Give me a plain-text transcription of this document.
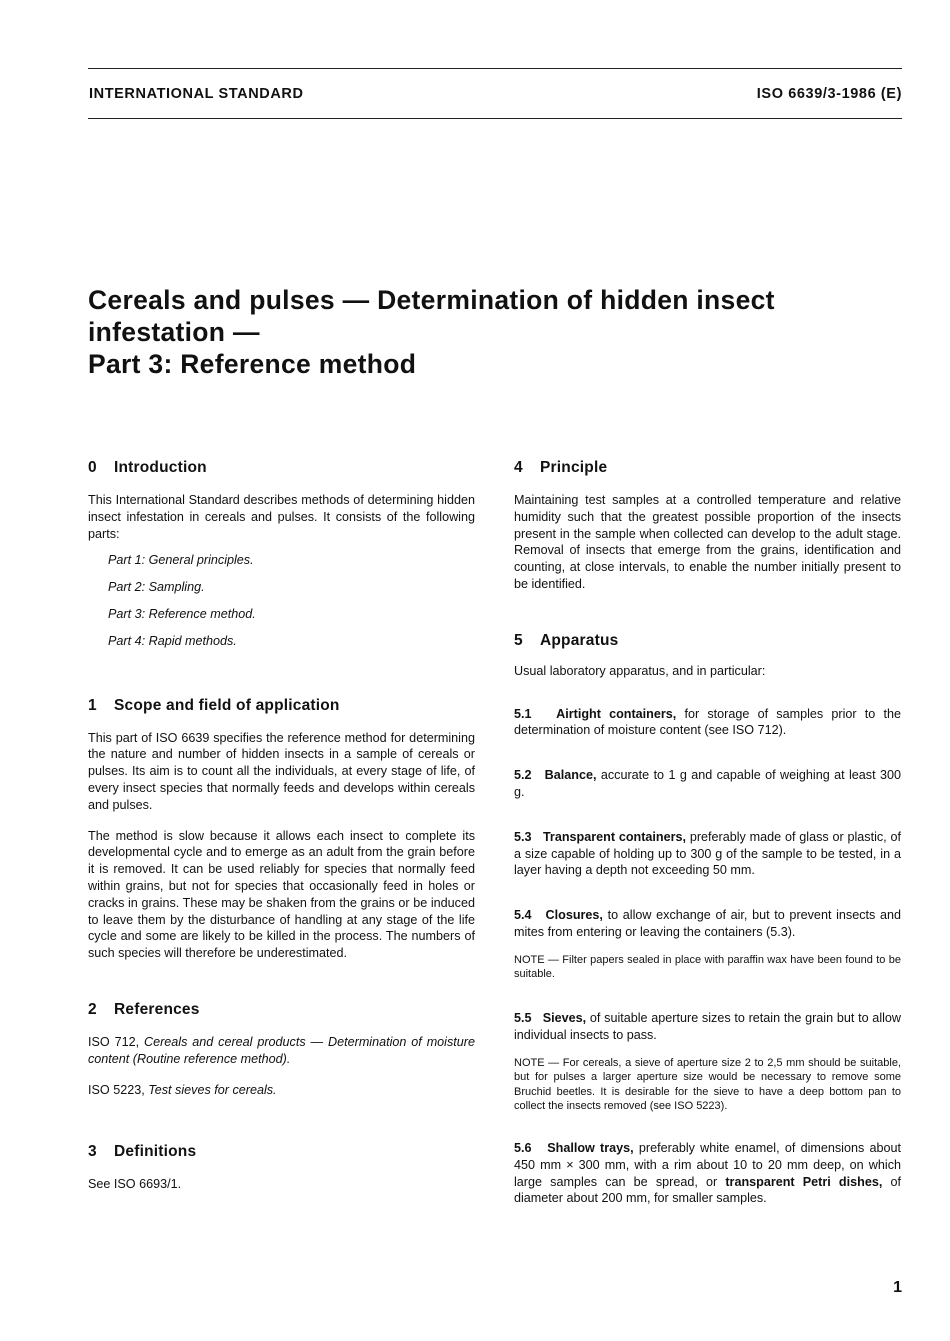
INTERNATIONAL STANDARD	ISO 6639/3-1986 (E)
Cereals and pulses — Determination of hidden insect
infestation —
Part 3: Reference method
0 Introduction

This International Standard describes methods of determining hidden insect infestation in cereals and pulses. It consists of the following parts:

Part 1: General principles.
Part 2: Sampling.
Part 3: Reference method.
Part 4: Rapid methods.
1 Scope and field of application

This part of ISO 6639 specifies the reference method for determining the nature and number of hidden insects in a sample of cereals or pulses. Its aim is to count all the individuals, at every stage of life, of every insect species that normally feeds and develops within cereals and pulses.

The method is slow because it allows each insect to complete its developmental cycle and to emerge as an adult from the grain before it is removed. It can be used reliably for species that normally feed within grains, but not for species that occasionally feed in holes or cracks in grains. These may be shaken from the grains or be induced to leave them by the disturbance of handling at any stage of the life cycle and some are likely to be killed in the process. The numbers of such species will therefore be underestimated.

2 References

ISO 712, Cereals and cereal products — Determination of moisture content (Routine reference method).

ISO 5223, Test sieves for cereals.

3 Definitions

See ISO 6693/1.

4 Principle

Maintaining test samples at a controlled temperature and relative humidity such that the greatest possible proportion of the insects present in the sample when collected can develop to the adult stage. Removal of insects that emerge from the grains, identification and counting, at close intervals, to enable the number initially present to be identified.

5 Apparatus

Usual laboratory apparatus, and in particular:

5.1 Airtight containers, for storage of samples prior to the determination of moisture content (see ISO 712).

5.2 Balance, accurate to 1 g and capable of weighing at least 300 g.

5.3 Transparent containers, preferably made of glass or plastic, of a size capable of holding up to 300 g of the sample to be tested, in a layer having a depth not exceeding 50 mm.

5.4 Closures, to allow exchange of air, but to prevent insects and mites from entering or leaving the containers (5.3).

NOTE — Filter papers sealed in place with paraffin wax have been found to be suitable.

5.5 Sieves, of suitable aperture sizes to retain the grain but to allow individual insects to pass.

NOTE — For cereals, a sieve of aperture size 2 to 2,5 mm should be suitable, but for pulses a larger aperture size would be necessary to remove some Bruchid beetles. It is desirable for the sieve to have a deep bottom pan to collect the insects removed (see ISO 5223).

5.6 Shallow trays, preferably white enamel, of dimensions about 450 mm × 300 mm, with a rim about 10 to 20 mm deep, on which large samples can be spread, or transparent Petri dishes, of diameter about 200 mm, for smaller samples.

1
